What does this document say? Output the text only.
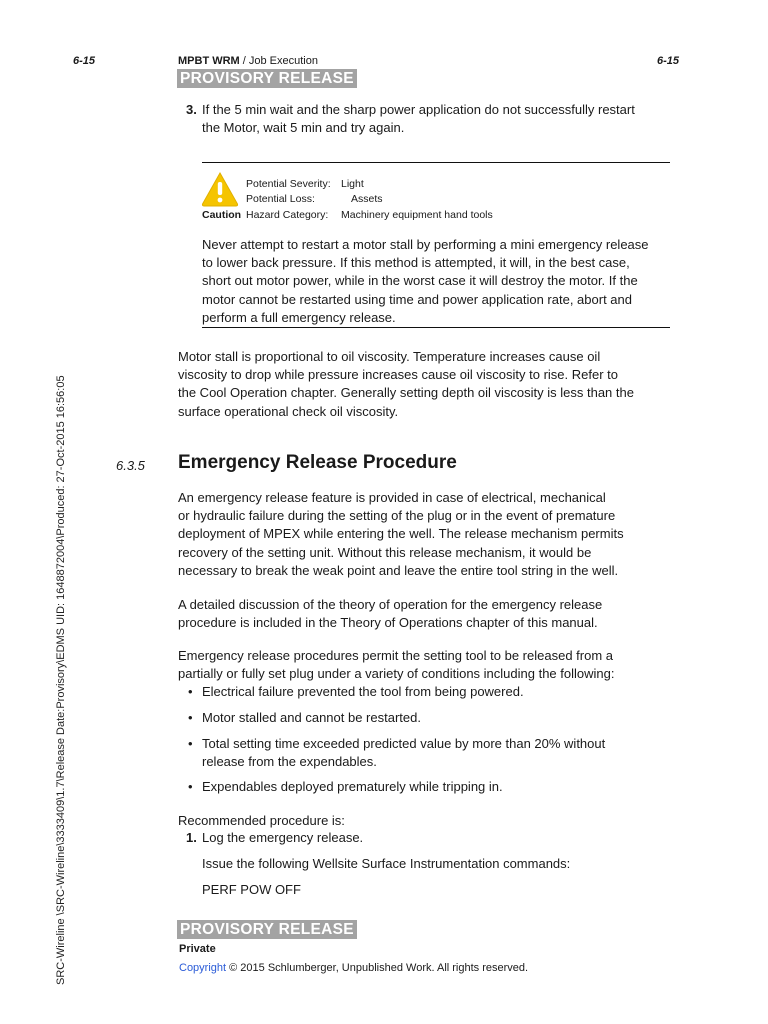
6-15	MPBT WRM / Job Execution	6-15
PROVISORY RELEASE
3. If the 5 min wait and the sharp power application do not successfully restart
the Motor, wait 5 min and try again.
Caution
Potential Severity: Light
Potential Loss:	Assets
Hazard Category: Machinery equipment hand tools
Never attempt to restart a motor stall by performing a mini emergency release
to lower back pressure. If this method is attempted, it will, in the best case,
short out motor power, while in the worst case it will destroy the motor. If the
motor cannot be restarted using time and power application rate, abort and
perform a full emergency release.
Motor stall is proportional to oil viscosity. Temperature increases cause oil
viscosity to drop while pressure increases cause oil viscosity to rise. Refer to
the Cool Operation chapter. Generally setting depth oil viscosity is less than the
surface operational check oil viscosity.
6.3.5 Emergency Release Procedure
An emergency release feature is provided in case of electrical, mechanical
or hydraulic failure during the setting of the plug or in the event of premature
deployment of MPEX while entering the well. The release mechanism permits
recovery of the setting unit. Without this release mechanism, it would be
necessary to break the weak point and leave the entire tool string in the well.
A detailed discussion of the theory of operation for the emergency release
procedure is included in the Theory of Operations chapter of this manual.
Emergency release procedures permit the setting tool to be released from a
partially or fully set plug under a variety of conditions including the following:
• Electrical failure prevented the tool from being powered.
• Motor stalled and cannot be restarted.
• Total setting time exceeded predicted value by more than 20% without
release from the expendables.
• Expendables deployed prematurely while tripping in.
Recommended procedure is:
1. Log the emergency release.
Issue the following Wellsite Surface Instrumentation commands:
PERF POW OFF
PROVISORY RELEASE
Private
Copyright © 2015 Schlumberger, Unpublished Work. All rights reserved.
SRC-Wireline \SRC-Wireline\3333409\1.7\Release Date:Provisory\EDMS UID: 1648872004\Produced: 27-Oct-2015 16:56:05
